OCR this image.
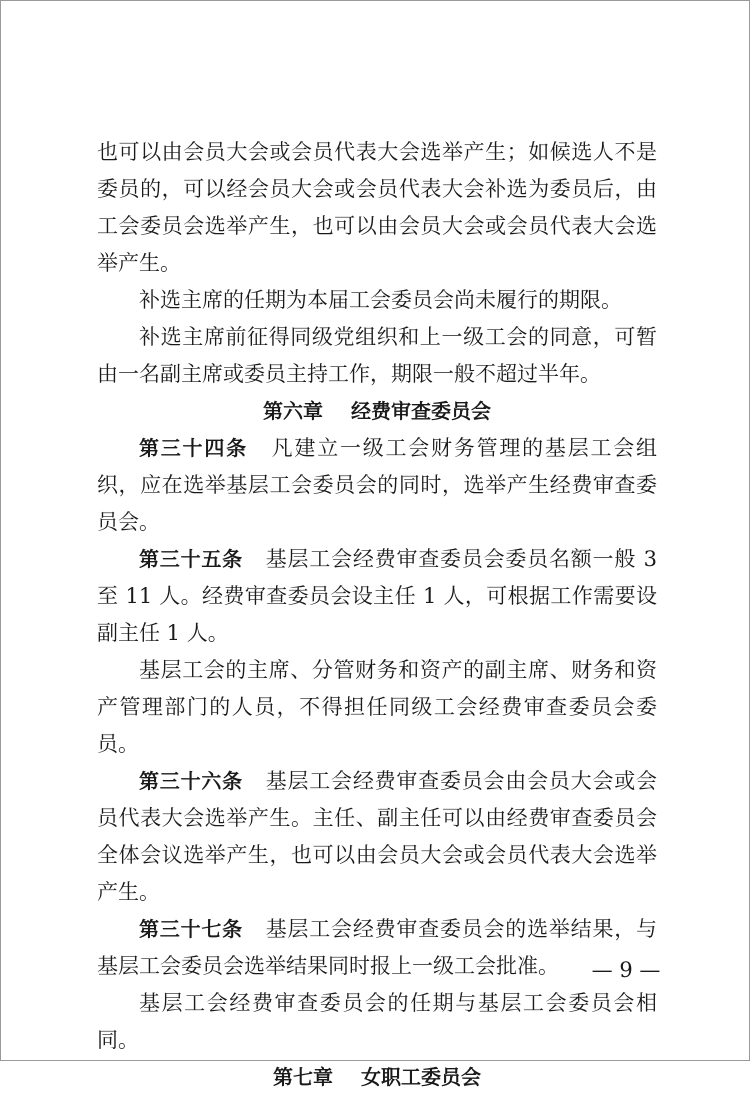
也可以由会员大会或会员代表大会选举产生；如候选人不是委员的，可以经会员大会或会员代表大会补选为委员后，由工会委员会选举产生，也可以由会员大会或会员代表大会选举产生。

补选主席的任期为本届工会委员会尚未履行的期限。

补选主席前征得同级党组织和上一级工会的同意，可暂由一名副主席或委员主持工作，期限一般不超过半年。

第六章 经费审查委员会

第三十四条 凡建立一级工会财务管理的基层工会组织，应在选举基层工会委员会的同时，选举产生经费审查委员会。

第三十五条 基层工会经费审查委员会委员名额一般 3 至 11 人。经费审查委员会设主任 1 人，可根据工作需要设副主任 1 人。

基层工会的主席、分管财务和资产的副主席、财务和资产管理部门的人员，不得担任同级工会经费审查委员会委员。

第三十六条 基层工会经费审查委员会由会员大会或会员代表大会选举产生。主任、副主任可以由经费审查委员会全体会议选举产生，也可以由会员大会或会员代表大会选举产生。

第三十七条 基层工会经费审查委员会的选举结果，与基层工会委员会选举结果同时报上一级工会批准。

基层工会经费审查委员会的任期与基层工会委员会相同。

第七章 女职工委员会

— 9 —
